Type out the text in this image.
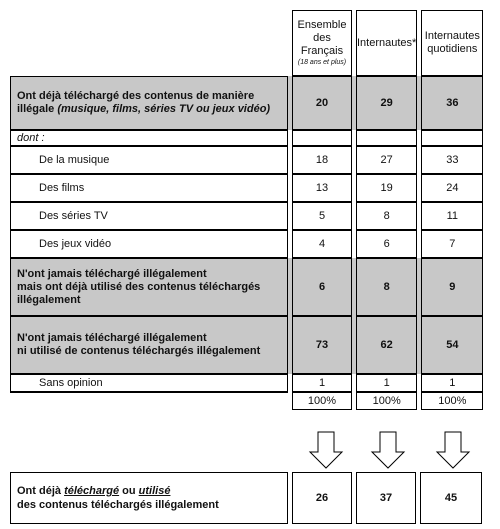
		Ensemble
des
Français
(18 ans et plus)		Internautes*		Internautes
quotidiens
Ont déjà téléchargé des contenus de manière illégale (musique, films, séries TV ou jeux vidéo)		20		29		36
dont :						
De la musique		18		27		33
Des films		13		19		24
Des séries TV		5		8		11
Des jeux vidéo		4		6		7
N'ont jamais téléchargé illégalement
mais ont déjà utilisé des contenus téléchargés
illégalement		6		8		9
N'ont jamais téléchargé illégalement
ni utilisé de contenus téléchargés illégalement		73		62		54
Sans opinion		1		1		1
		100%		100%		100%
Ont déjà téléchargé ou utilisé
des contenus téléchargés illégalement		26		37		45
